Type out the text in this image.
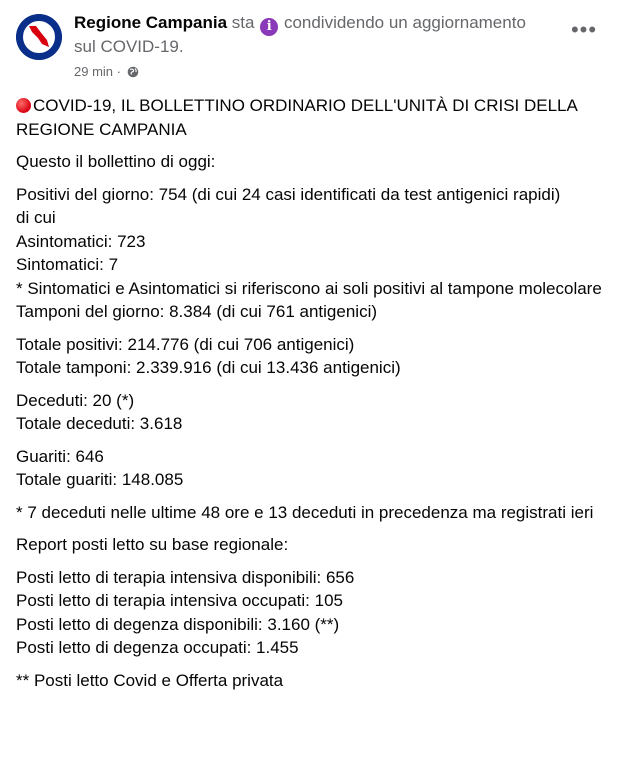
Regione Campania sta i condividendo un aggiornamento sul COVID-19.
29 min ·
•••

COVID-19, IL BOLLETTINO ORDINARIO DELL'UNITÀ DI CRISI DELLA REGIONE CAMPANIA

Questo il bollettino di oggi:

Positivi del giorno: 754 (di cui 24 casi identificati da test antigenici rapidi)
di cui
Asintomatici: 723
Sintomatici: 7
* Sintomatici e Asintomatici si riferiscono ai soli positivi al tampone molecolare
Tamponi del giorno: 8.384 (di cui 761 antigenici)

Totale positivi: 214.776 (di cui 706 antigenici)
Totale tamponi: 2.339.916 (di cui 13.436 antigenici)

Deceduti: 20 (*)
Totale deceduti: 3.618

Guariti: 646
Totale guariti: 148.085

* 7 deceduti nelle ultime 48 ore e 13 deceduti in precedenza ma registrati ieri

Report posti letto su base regionale:

Posti letto di terapia intensiva disponibili: 656
Posti letto di terapia intensiva occupati: 105
Posti letto di degenza disponibili: 3.160 (**)
Posti letto di degenza occupati: 1.455

** Posti letto Covid e Offerta privata
